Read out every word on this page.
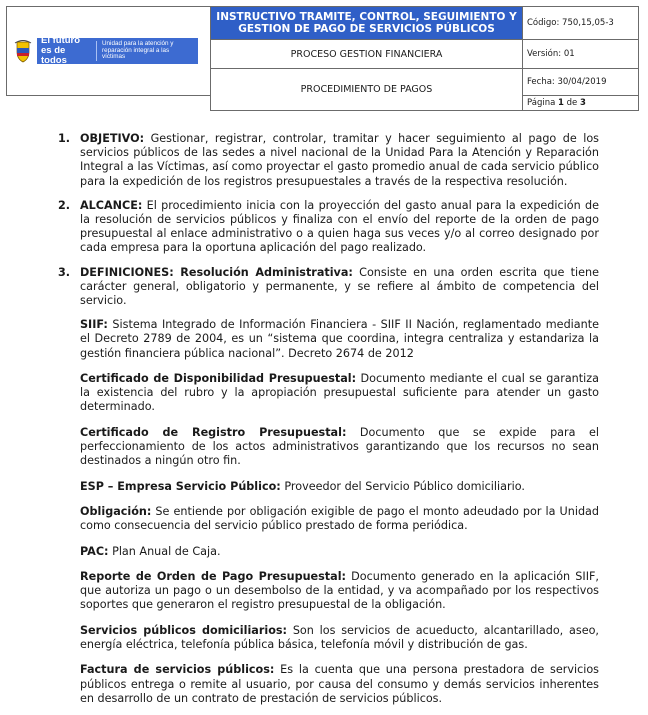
El futuro es de todos
Unidad para la atención y reparación integral a las víctimas	INSTRUCTIVO TRAMITE, CONTROL, SEGUIMIENTO Y GESTION DE PAGO DE SERVICIOS PÚBLICOS	Código: 750,15,05-3
	PROCESO GESTION FINANCIERA	Versión: 01
	PROCEDIMIENTO DE PAGOS	Fecha: 30/04/2019
		Página 1 de 3
1. OBJETIVO: Gestionar, registrar, controlar, tramitar y hacer seguimiento al pago de los servicios públicos de las sedes a nivel nacional de la Unidad Para la Atención y Reparación Integral a las Víctimas, así como proyectar el gasto promedio anual de cada servicio público para la expedición de los registros presupuestales a través de la respectiva resolución.
2. ALCANCE: El procedimiento inicia con la proyección del gasto anual para la expedición de la resolución de servicios públicos y finaliza con el envío del reporte de la orden de pago presupuestal al enlace administrativo o a quien haga sus veces y/o al correo designado por cada empresa para la oportuna aplicación del pago realizado.
3. DEFINICIONES: Resolución Administrativa: Consiste en una orden escrita que tiene carácter general, obligatorio y permanente, y se refiere al ámbito de competencia del servicio.

SIIF: Sistema Integrado de Información Financiera - SIIF II Nación, reglamentado mediante el Decreto 2789 de 2004, es un “sistema que coordina, integra centraliza y estandariza la gestión financiera pública nacional”. Decreto 2674 de 2012

Certificado de Disponibilidad Presupuestal: Documento mediante el cual se garantiza la existencia del rubro y la apropiación presupuestal suficiente para atender un gasto determinado.

Certificado de Registro Presupuestal: Documento que se expide para el perfeccionamiento de los actos administrativos garantizando que los recursos no sean destinados a ningún otro fin.

ESP – Empresa Servicio Público: Proveedor del Servicio Público domiciliario.

Obligación: Se entiende por obligación exigible de pago el monto adeudado por la Unidad como consecuencia del servicio público prestado de forma periódica.

PAC: Plan Anual de Caja.

Reporte de Orden de Pago Presupuestal: Documento generado en la aplicación SIIF, que autoriza un pago o un desembolso de la entidad, y va acompañado por los respectivos soportes que generaron el registro presupuestal de la obligación.

Servicios públicos domiciliarios: Son los servicios de acueducto, alcantarillado, aseo, energía eléctrica, telefonía pública básica, telefonía móvil y distribución de gas.

Factura de servicios públicos: Es la cuenta que una persona prestadora de servicios públicos entrega o remite al usuario, por causa del consumo y demás servicios inherentes en desarrollo de un contrato de prestación de servicios públicos.
